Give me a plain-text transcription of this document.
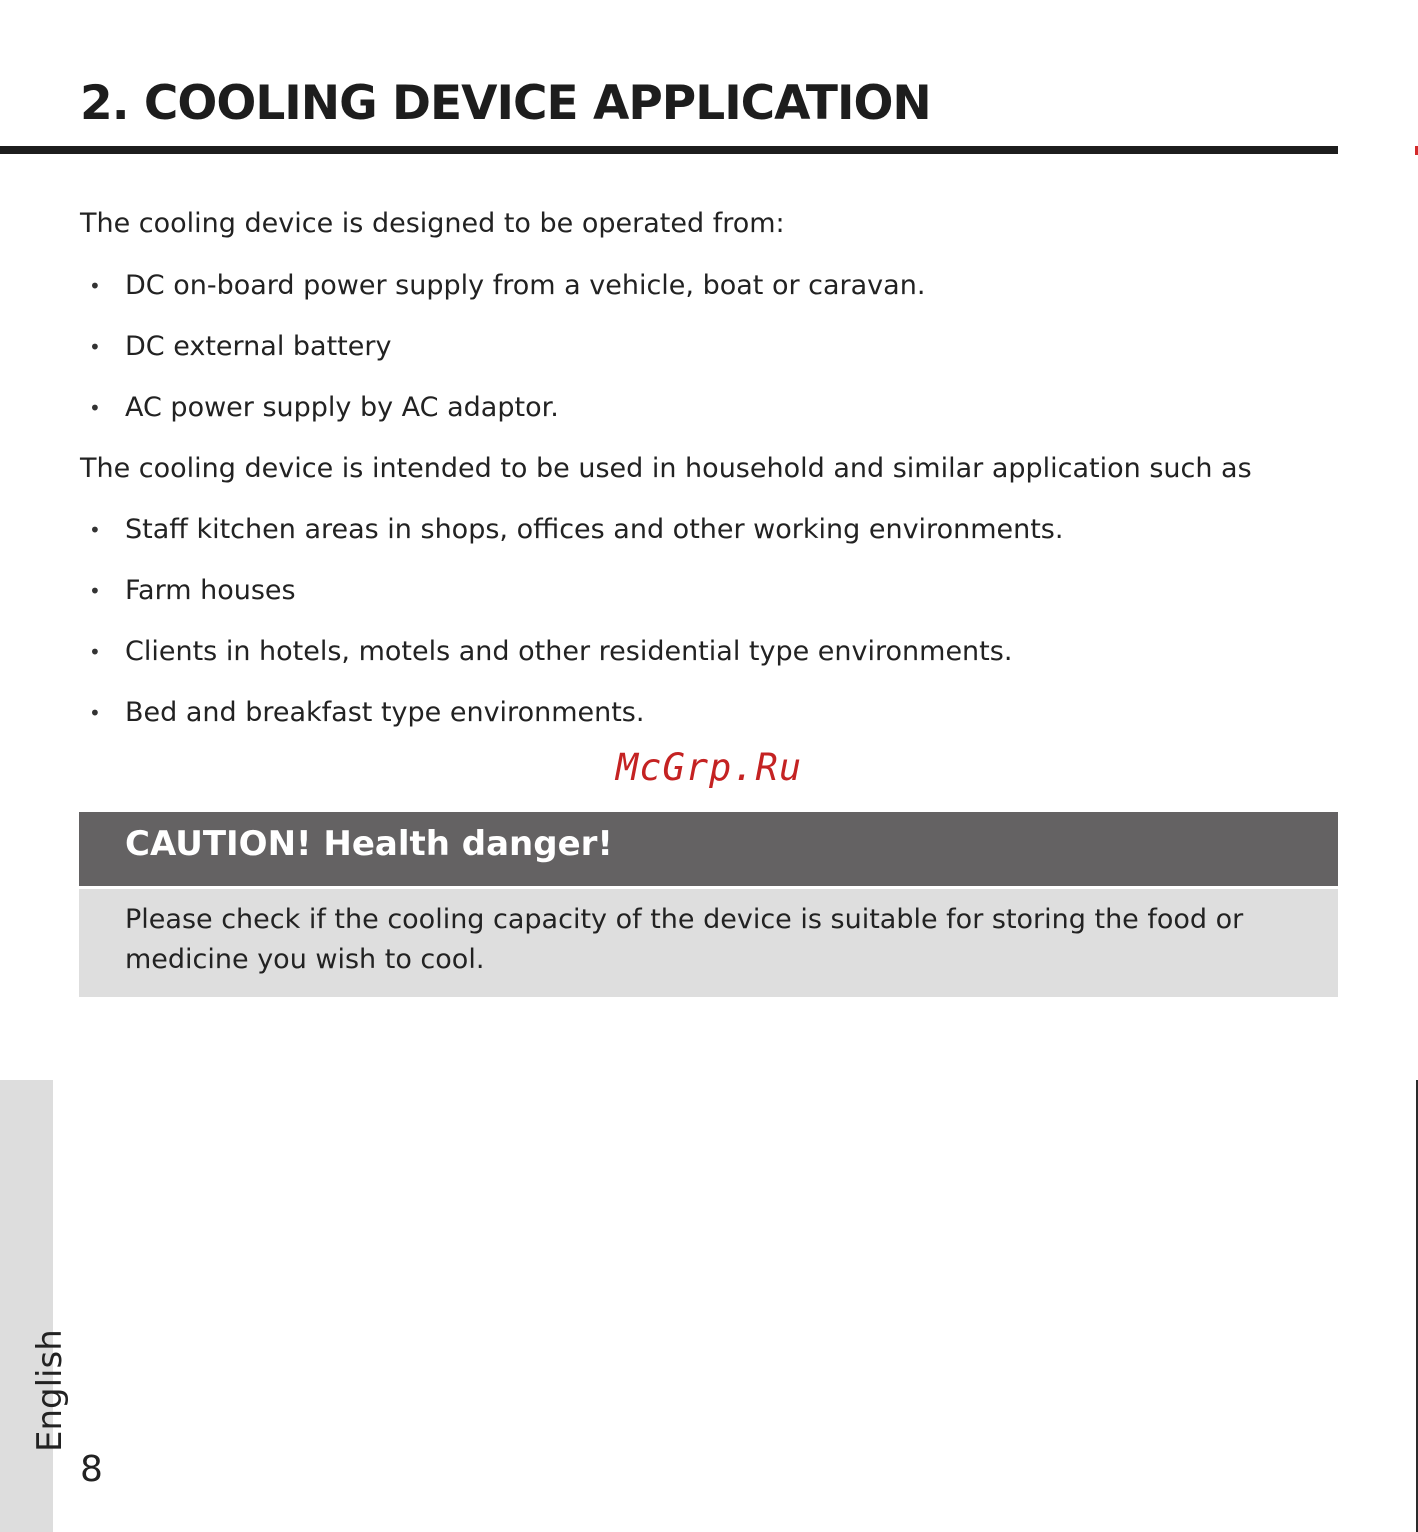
2. COOLING DEVICE APPLICATION

The cooling device is designed to be operated from:

• DC on-board power supply from a vehicle, boat or caravan.
• DC external battery
• AC power supply by AC adaptor.

The cooling device is intended to be used in household and similar application such as

• Staff kitchen areas in shops, offices and other working environments.
• Farm houses
• Clients in hotels, motels and other residential type environments.
• Bed and breakfast type environments.
McGrp.Ru
CAUTION! Health danger!
Please check if the cooling capacity of the device is suitable for storing the food or medicine you wish to cool.
English
8
